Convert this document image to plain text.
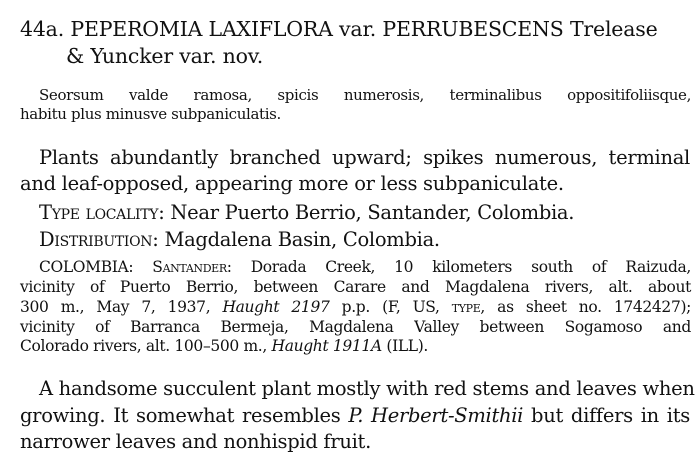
44a. PEPEROMIA LAXIFLORA var. PERRUBESCENS Trelease
& Yuncker var. nov.
Seorsum valde ramosa, spicis numerosis, terminalibus oppositifoliisque,
habitu plus minusve subpaniculatis.
Plants abundantly branched upward; spikes numerous, terminal
and leaf-opposed, appearing more or less subpaniculate.
Type locality: Near Puerto Berrio, Santander, Colombia.
Distribution: Magdalena Basin, Colombia.
COLOMBIA: Santander: Dorada Creek, 10 kilometers south of Raizuda,
vicinity of Puerto Berrio, between Carare and Magdalena rivers, alt. about
300 m., May 7, 1937, Haught 2197 p.p. (F, US, type, as sheet no. 1742427);
vicinity of Barranca Bermeja, Magdalena Valley between Sogamoso and
Colorado rivers, alt. 100–500 m., Haught 1911A (ILL).
A handsome succulent plant mostly with red stems and leaves when
growing. It somewhat resembles P. Herbert-Smithii but differs in its
narrower leaves and nonhispid fruit.
